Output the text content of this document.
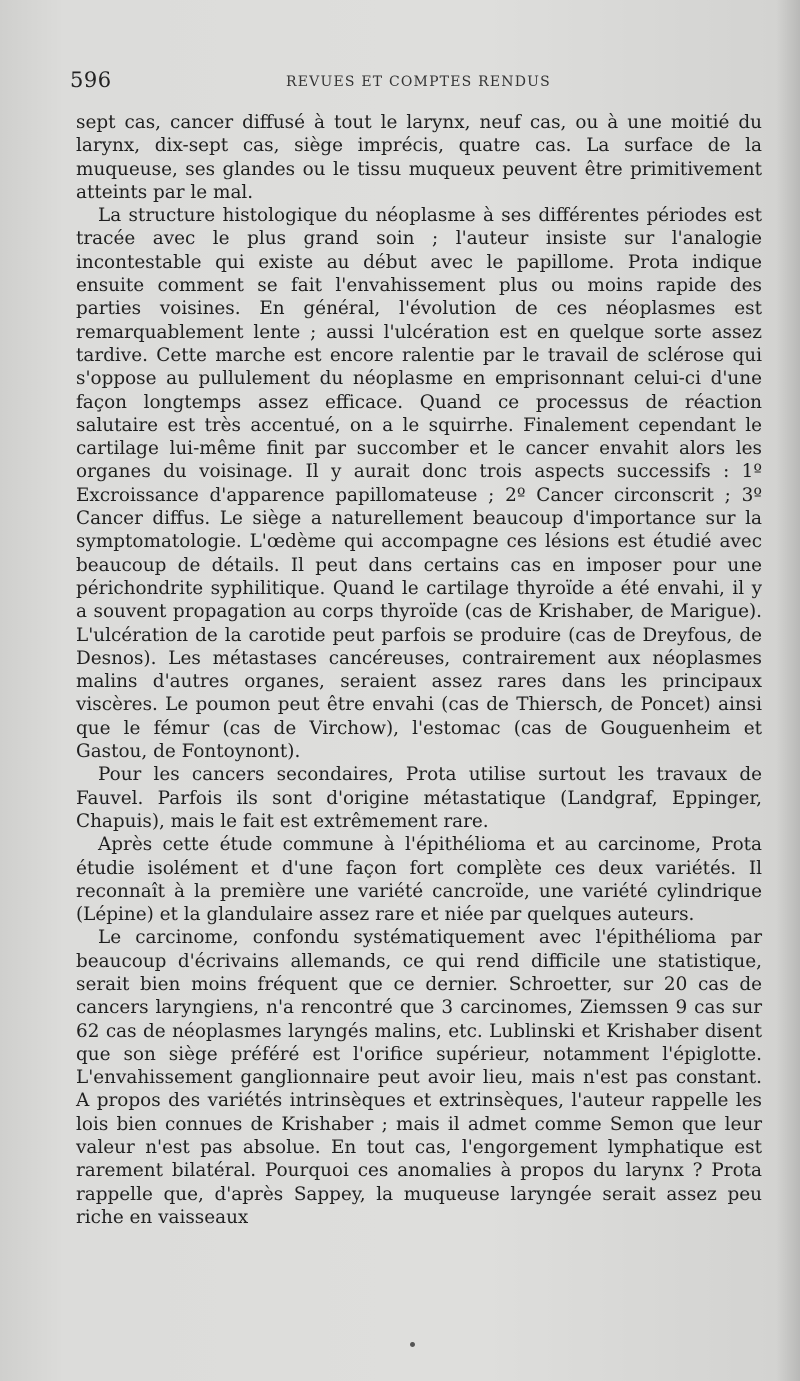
596	REVUES ET COMPTES RENDUS

sept cas, cancer diffusé à tout le larynx, neuf cas, ou à une moitié du larynx, dix-sept cas, siège imprécis, quatre cas. La surface de la muqueuse, ses glandes ou le tissu muqueux peuvent être primitivement atteints par le mal.

La structure histologique du néoplasme à ses différentes périodes est tracée avec le plus grand soin ; l'auteur insiste sur l'analogie incontestable qui existe au début avec le papillome. Prota indique ensuite comment se fait l'envahissement plus ou moins rapide des parties voisines. En général, l'évolution de ces néoplasmes est remarquablement lente ; aussi l'ulcération est en quelque sorte assez tardive. Cette marche est encore ralentie par le travail de sclérose qui s'oppose au pullulement du néoplasme en emprisonnant celui-ci d'une façon longtemps assez efficace. Quand ce processus de réaction salutaire est très accentué, on a le squirrhe. Finalement cependant le cartilage lui-même finit par succomber et le cancer envahit alors les organes du voisinage. Il y aurait donc trois aspects successifs : 1º Excroissance d'apparence papillomateuse ; 2º Cancer circonscrit ; 3º Cancer diffus. Le siège a naturellement beaucoup d'importance sur la symptomatologie. L'œdème qui accompagne ces lésions est étudié avec beaucoup de détails. Il peut dans certains cas en imposer pour une périchondrite syphilitique. Quand le cartilage thyroïde a été envahi, il y a souvent propagation au corps thyroïde (cas de Krishaber, de Marigue). L'ulcération de la carotide peut parfois se produire (cas de Dreyfous, de Desnos). Les métastases cancéreuses, contrairement aux néoplasmes malins d'autres organes, seraient assez rares dans les principaux viscères. Le poumon peut être envahi (cas de Thiersch, de Poncet) ainsi que le fémur (cas de Virchow), l'estomac (cas de Gouguenheim et Gastou, de Fontoynont).

Pour les cancers secondaires, Prota utilise surtout les travaux de Fauvel. Parfois ils sont d'origine métastatique (Landgraf, Eppinger, Chapuis), mais le fait est extrêmement rare.

Après cette étude commune à l'épithélioma et au carcinome, Prota étudie isolément et d'une façon fort complète ces deux variétés. Il reconnaît à la première une variété cancroïde, une variété cylindrique (Lépine) et la glandulaire assez rare et niée par quelques auteurs.

Le carcinome, confondu systématiquement avec l'épithélioma par beaucoup d'écrivains allemands, ce qui rend difficile une statistique, serait bien moins fréquent que ce dernier. Schroetter, sur 20 cas de cancers laryngiens, n'a rencontré que 3 carcinomes, Ziemssen 9 cas sur 62 cas de néoplasmes laryngés malins, etc. Lublinski et Krishaber disent que son siège préféré est l'orifice supérieur, notamment l'épiglotte. L'envahissement ganglionnaire peut avoir lieu, mais n'est pas constant. A propos des variétés intrinsèques et extrinsèques, l'auteur rappelle les lois bien connues de Krishaber ; mais il admet comme Semon que leur valeur n'est pas absolue. En tout cas, l'engorgement lymphatique est rarement bilatéral. Pourquoi ces anomalies à propos du larynx ? Prota rappelle que, d'après Sappey, la muqueuse laryngée serait assez peu riche en vaisseaux
